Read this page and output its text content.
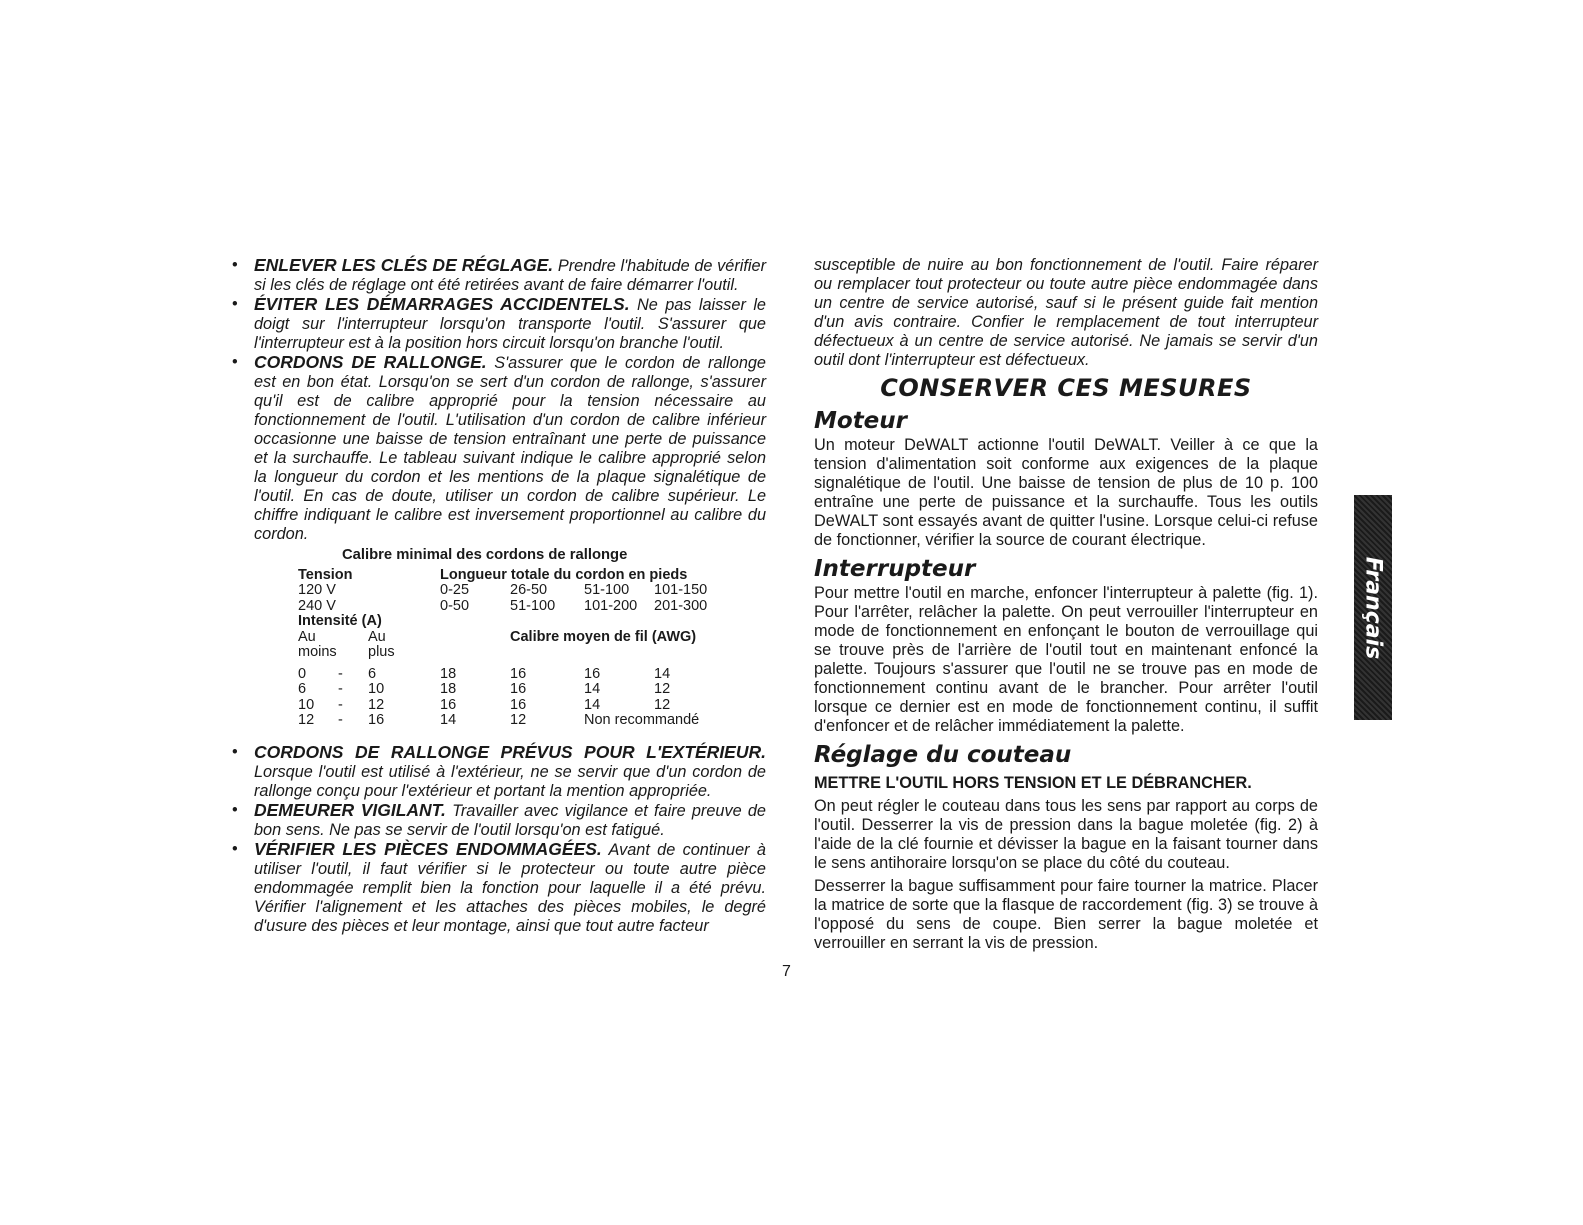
• ENLEVER LES CLÉS DE RÉGLAGE. Prendre l'habitude de vérifier si les clés de réglage ont été retirées avant de faire démarrer l'outil.

• ÉVITER LES DÉMARRAGES ACCIDENTELS. Ne pas laisser le doigt sur l'interrupteur lorsqu'on transporte l'outil. S'assurer que l'interrupteur est à la position hors circuit lorsqu'on branche l'outil.

• CORDONS DE RALLONGE. S'assurer que le cordon de rallonge est en bon état. Lorsqu'on se sert d'un cordon de rallonge, s'assurer qu'il est de calibre approprié pour la tension nécessaire au fonctionnement de l'outil. L'utilisation d'un cordon de calibre inférieur occasionne une baisse de tension entraînant une perte de puissance et la surchauffe. Le tableau suivant indique le calibre approprié selon la longueur du cordon et les mentions de la plaque signalétique de l'outil. En cas de doute, utiliser un cordon de calibre supérieur. Le chiffre indiquant le calibre est inversement proportionnel au calibre du cordon.

Calibre minimal des cordons de rallonge
Tension	Longueur totale du cordon en pieds
120 V	0-25	26-50	51-100 101-150
240 V	0-50	51-100 101-200 201-300
Intensité (A)
Au	Au	Calibre moyen de fil (AWG)
moins plus
0 - 6	18	16	16	14
6 - 10	18	16	14	12
10 - 12	16	16	14	12
12 - 16	14	12	Non recommandé

• CORDONS DE RALLONGE PRÉVUS POUR L'EXTÉRIEUR. Lorsque l'outil est utilisé à l'extérieur, ne se servir que d'un cordon de rallonge conçu pour l'extérieur et portant la mention appropriée.

• DEMEURER VIGILANT. Travailler avec vigilance et faire preuve de bon sens. Ne pas se servir de l'outil lorsqu'on est fatigué.

• VÉRIFIER LES PIÈCES ENDOMMAGÉES. Avant de continuer à utiliser l'outil, il faut vérifier si le protecteur ou toute autre pièce endommagée remplit bien la fonction pour laquelle il a été prévu. Vérifier l'alignement et les attaches des pièces mobiles, le degré d'usure des pièces et leur montage, ainsi que tout autre facteur

susceptible de nuire au bon fonctionnement de l'outil. Faire réparer ou remplacer tout protecteur ou toute autre pièce endommagée dans un centre de service autorisé, sauf si le présent guide fait mention d'un avis contraire. Confier le remplacement de tout interrupteur défectueux à un centre de service autorisé. Ne jamais se servir d'un outil dont l'interrupteur est défectueux.

CONSERVER CES MESURES
Moteur

Un moteur DeWALT actionne l'outil DeWALT. Veiller à ce que la tension d'alimentation soit conforme aux exigences de la plaque signalétique de l'outil. Une baisse de tension de plus de 10 p. 100 entraîne une perte de puissance et la surchauffe. Tous les outils DeWALT sont essayés avant de quitter l'usine. Lorsque celui-ci refuse de fonctionner, vérifier la source de courant électrique.

Interrupteur

Pour mettre l'outil en marche, enfoncer l'interrupteur à palette (fig. 1). Pour l'arrêter, relâcher la palette. On peut verrouiller l'interrupteur en mode de fonctionnement en enfonçant le bouton de verrouillage qui se trouve près de l'arrière de l'outil tout en maintenant enfoncé la palette. Toujours s'assurer que l'outil ne se trouve pas en mode de fonctionnement continu avant de le brancher. Pour arrêter l'outil lorsque ce dernier est en mode de fonctionnement continu, il suffit d'enfoncer et de relâcher immédiatement la palette.

Réglage du couteau
METTRE L'OUTIL HORS TENSION ET LE DÉBRANCHER.

On peut régler le couteau dans tous les sens par rapport au corps de l'outil. Desserrer la vis de pression dans la bague moletée (fig. 2) à l'aide de la clé fournie et dévisser la bague en la faisant tourner dans le sens antihoraire lorsqu'on se place du côté du couteau.

Desserrer la bague suffisamment pour faire tourner la matrice. Placer la matrice de sorte que la flasque de raccordement (fig. 3) se trouve à l'opposé du sens de coupe. Bien serrer la bague moletée et verrouiller en serrant la vis de pression.

7
Français
